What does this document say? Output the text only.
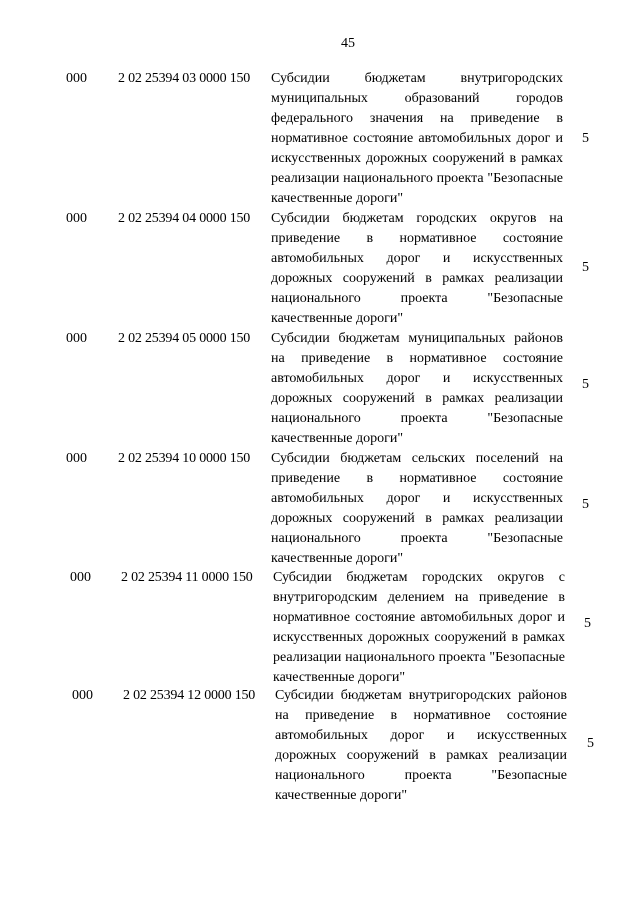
45
000 2 02 25394 03 0000 150 Субсидии бюджетам внутригородских муниципальных образований городов федерального значения на приведение в нормативное состояние автомобильных дорог и искусственных дорожных сооружений в рамках реализации национального проекта "Безопасные качественные дороги"
5
000 2 02 25394 04 0000 150 Субсидии бюджетам городских округов на приведение в нормативное состояние автомобильных дорог и искусственных дорожных сооружений в рамках реализации национального проекта "Безопасные качественные дороги"
5
000 2 02 25394 05 0000 150 Субсидии бюджетам муниципальных районов на приведение в нормативное состояние автомобильных дорог и искусственных дорожных сооружений в рамках реализации национального проекта "Безопасные качественные дороги"
5
000 2 02 25394 10 0000 150 Субсидии бюджетам сельских поселений на приведение в нормативное состояние автомобильных дорог и искусственных дорожных сооружений в рамках реализации национального проекта "Безопасные качественные дороги"
5
000 2 02 25394 11 0000 150 Субсидии бюджетам городских округов с внутригородским делением на приведение в нормативное состояние автомобильных дорог и искусственных дорожных сооружений в рамках реализации национального проекта "Безопасные качественные дороги"
5
000 2 02 25394 12 0000 150 Субсидии бюджетам внутригородских районов на приведение в нормативное состояние автомобильных дорог и искусственных дорожных сооружений в рамках реализации национального проекта "Безопасные качественные дороги"
5
